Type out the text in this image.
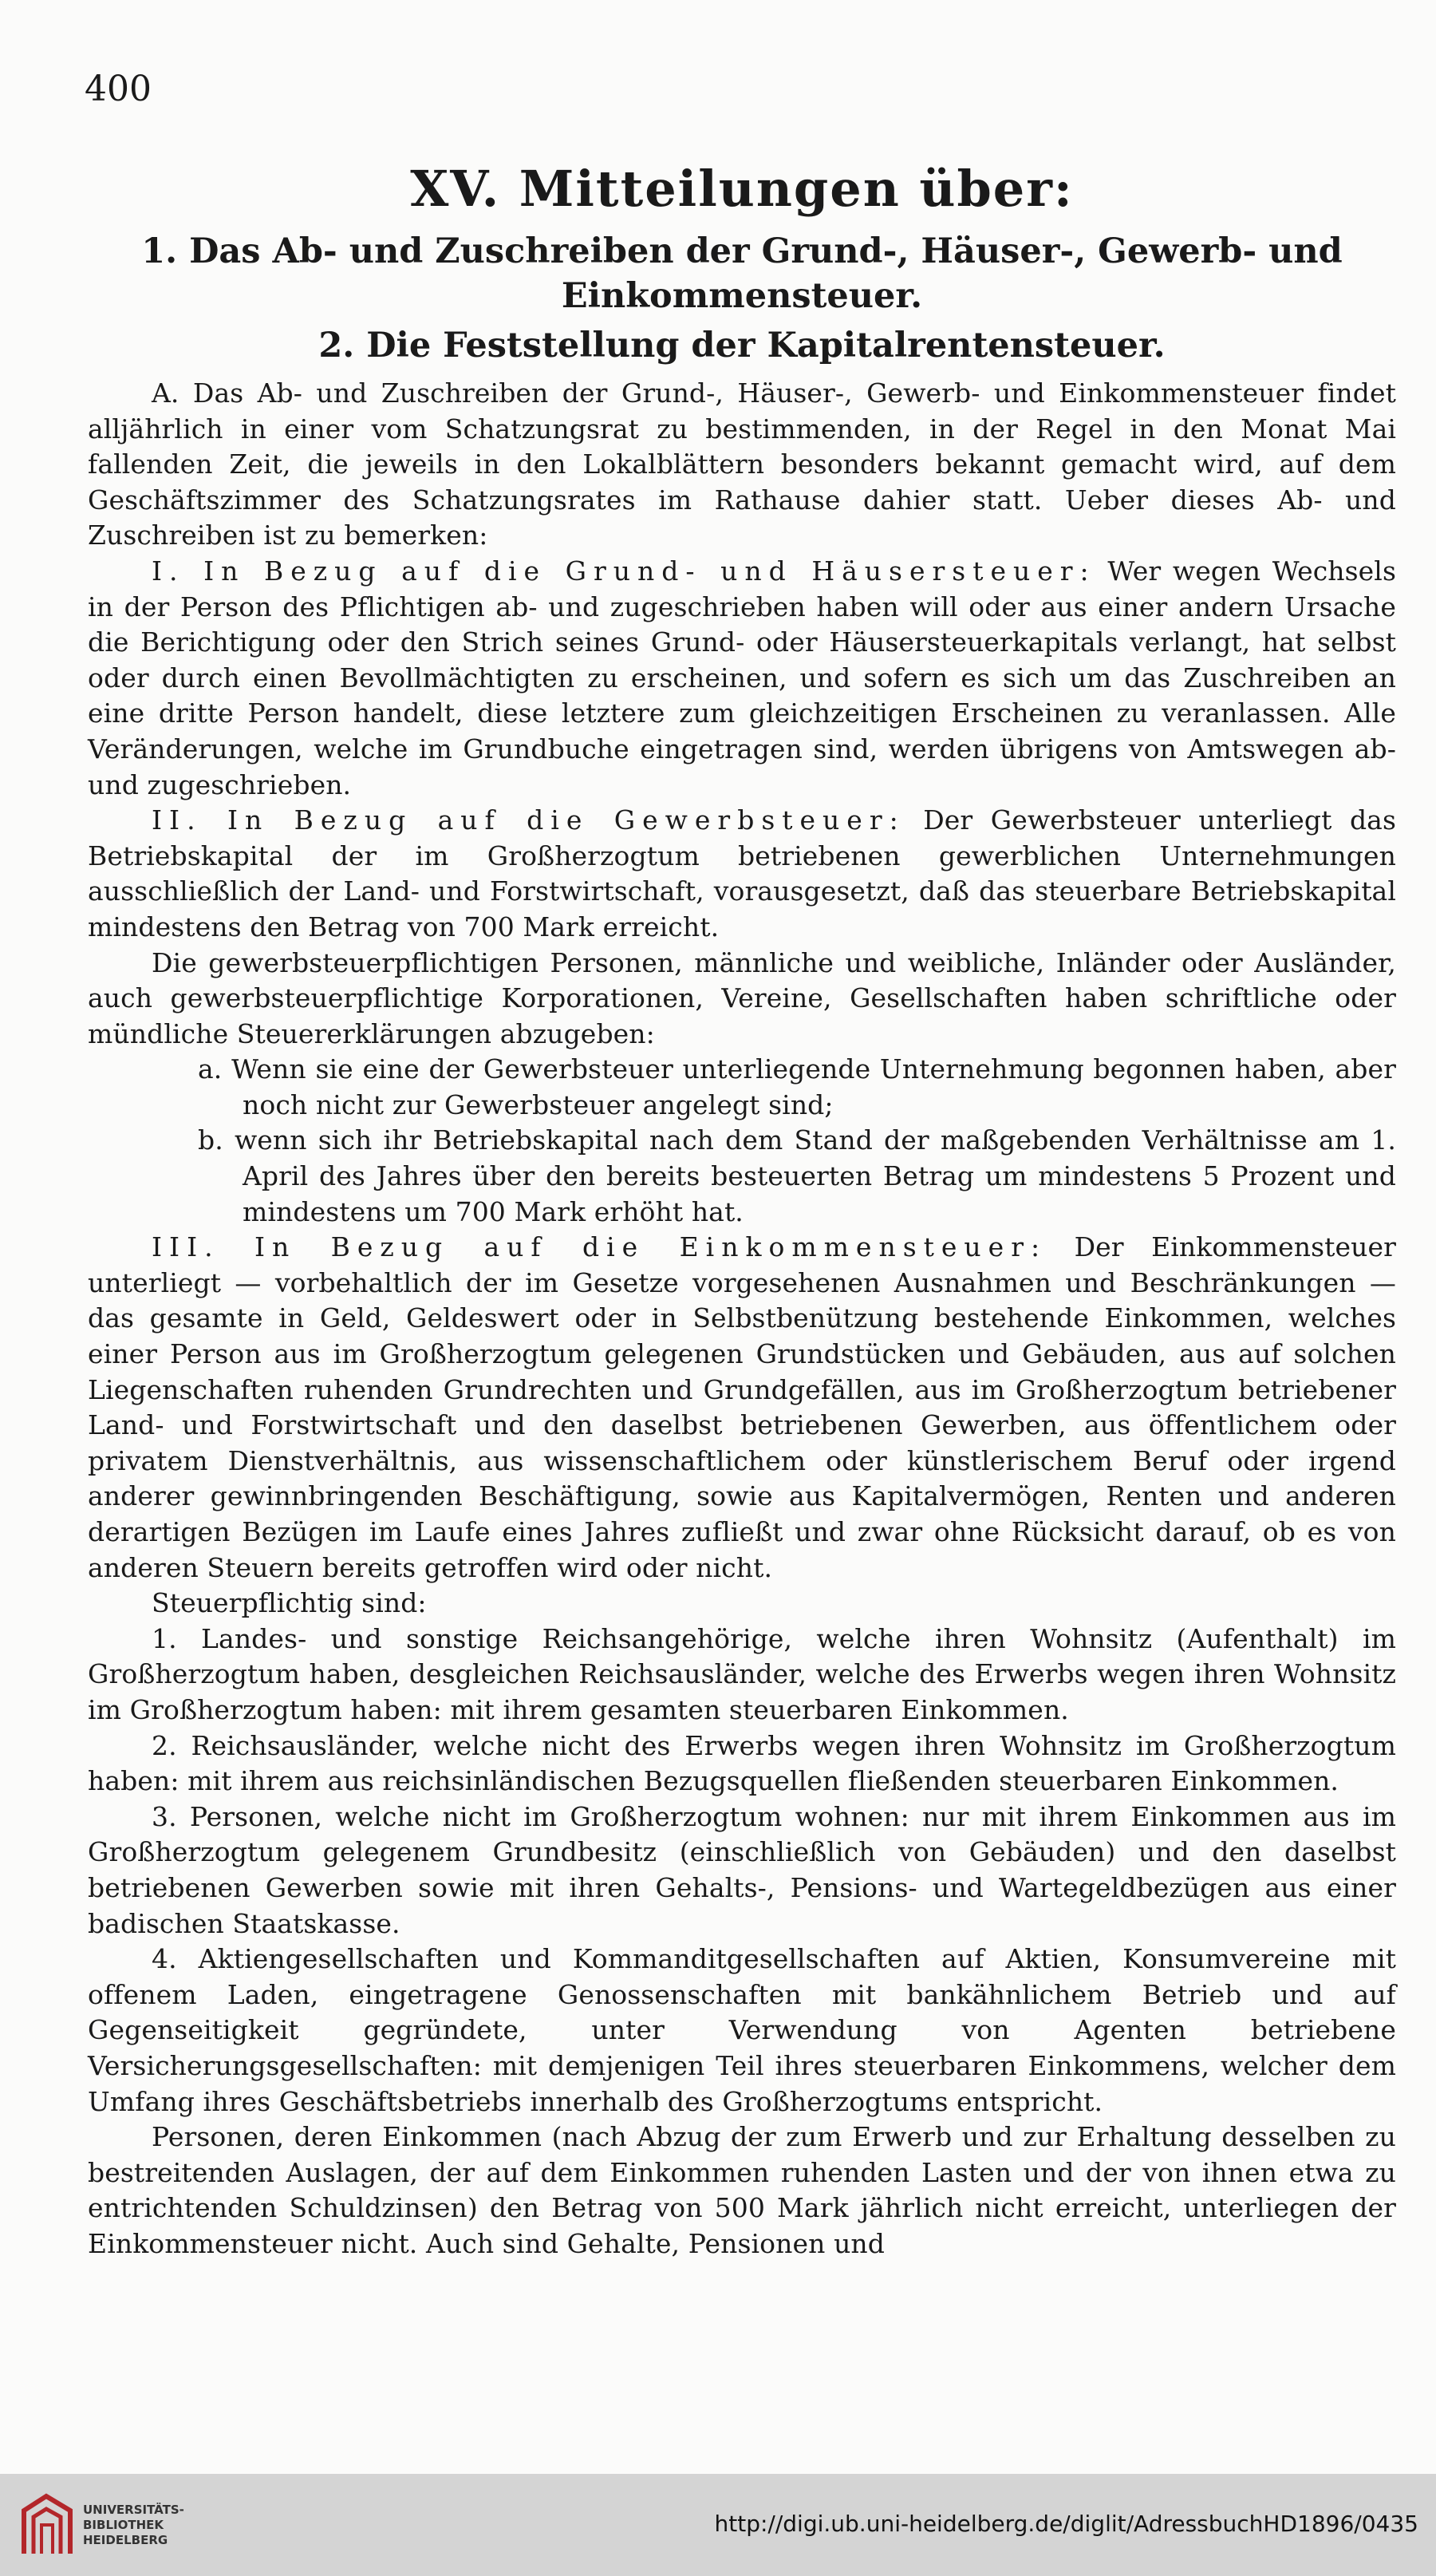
400
XV. Mitteilungen über:
1. Das Ab- und Zuschreiben der Grund-, Häuser-, Gewerb- und Einkommensteuer.
2. Die Feststellung der Kapitalrentensteuer.

A. Das Ab- und Zuschreiben der Grund-, Häuser-, Gewerb- und Einkommensteuer findet alljährlich in einer vom Schatzungsrat zu bestimmenden, in der Regel in den Monat Mai fallenden Zeit, die jeweils in den Lokalblättern besonders bekannt gemacht wird, auf dem Geschäftszimmer des Schatzungsrates im Rathause dahier statt. Ueber dieses Ab- und Zuschreiben ist zu bemerken:

I. In Bezug auf die Grund- und Häusersteuer: Wer wegen Wechsels in der Person des Pflichtigen ab- und zugeschrieben haben will oder aus einer andern Ursache die Berichtigung oder den Strich seines Grund- oder Häusersteuerkapitals verlangt, hat selbst oder durch einen Bevollmächtigten zu erscheinen, und sofern es sich um das Zuschreiben an eine dritte Person handelt, diese letztere zum gleichzeitigen Erscheinen zu veranlassen. Alle Veränderungen, welche im Grundbuche eingetragen sind, werden übrigens von Amtswegen ab- und zugeschrieben.

II. In Bezug auf die Gewerbsteuer: Der Gewerbsteuer unterliegt das Betriebskapital der im Großherzogtum betriebenen gewerblichen Unternehmungen ausschließlich der Land- und Forstwirtschaft, vorausgesetzt, daß das steuerbare Betriebskapital mindestens den Betrag von 700 Mark erreicht.

Die gewerbsteuerpflichtigen Personen, männliche und weibliche, Inländer oder Ausländer, auch gewerbsteuerpflichtige Korporationen, Vereine, Gesellschaften haben schriftliche oder mündliche Steuererklärungen abzugeben:

a. Wenn sie eine der Gewerbsteuer unterliegende Unternehmung begonnen haben, aber noch nicht zur Gewerbsteuer angelegt sind;

b. wenn sich ihr Betriebskapital nach dem Stand der maßgebenden Verhältnisse am 1. April des Jahres über den bereits besteuerten Betrag um mindestens 5 Prozent und mindestens um 700 Mark erhöht hat.

III. In Bezug auf die Einkommensteuer: Der Einkommensteuer unterliegt — vorbehaltlich der im Gesetze vorgesehenen Ausnahmen und Beschränkungen — das gesamte in Geld, Geldeswert oder in Selbstbenützung bestehende Einkommen, welches einer Person aus im Großherzogtum gelegenen Grundstücken und Gebäuden, aus auf solchen Liegenschaften ruhenden Grundrechten und Grundgefällen, aus im Großherzogtum betriebener Land- und Forstwirtschaft und den daselbst betriebenen Gewerben, aus öffentlichem oder privatem Dienstverhältnis, aus wissenschaftlichem oder künstlerischem Beruf oder irgend anderer gewinnbringenden Beschäftigung, sowie aus Kapitalvermögen, Renten und anderen derartigen Bezügen im Laufe eines Jahres zufließt und zwar ohne Rücksicht darauf, ob es von anderen Steuern bereits getroffen wird oder nicht.

Steuerpflichtig sind:

1. Landes- und sonstige Reichsangehörige, welche ihren Wohnsitz (Aufenthalt) im Großherzogtum haben, desgleichen Reichsausländer, welche des Erwerbs wegen ihren Wohnsitz im Großherzogtum haben: mit ihrem gesamten steuerbaren Einkommen.

2. Reichsausländer, welche nicht des Erwerbs wegen ihren Wohnsitz im Großherzogtum haben: mit ihrem aus reichsinländischen Bezugsquellen fließenden steuerbaren Einkommen.

3. Personen, welche nicht im Großherzogtum wohnen: nur mit ihrem Einkommen aus im Großherzogtum gelegenem Grundbesitz (einschließlich von Gebäuden) und den daselbst betriebenen Gewerben sowie mit ihren Gehalts-, Pensions- und Wartegeldbezügen aus einer badischen Staatskasse.

4. Aktiengesellschaften und Kommanditgesellschaften auf Aktien, Konsumvereine mit offenem Laden, eingetragene Genossenschaften mit bankähnlichem Betrieb und auf Gegenseitigkeit gegründete, unter Verwendung von Agenten betriebene Versicherungsgesellschaften: mit demjenigen Teil ihres steuerbaren Einkommens, welcher dem Umfang ihres Geschäftsbetriebs innerhalb des Großherzogtums entspricht.

Personen, deren Einkommen (nach Abzug der zum Erwerb und zur Erhaltung desselben zu bestreitenden Auslagen, der auf dem Einkommen ruhenden Lasten und der von ihnen etwa zu entrichtenden Schuldzinsen) den Betrag von 500 Mark jährlich nicht erreicht, unterliegen der Einkommensteuer nicht. Auch sind Gehalte, Pensionen und

UNIVERSITÄTS-
BIBLIOTHEK
HEIDELBERG
http://digi.ub.uni-heidelberg.de/diglit/AdressbuchHD1896/0435
